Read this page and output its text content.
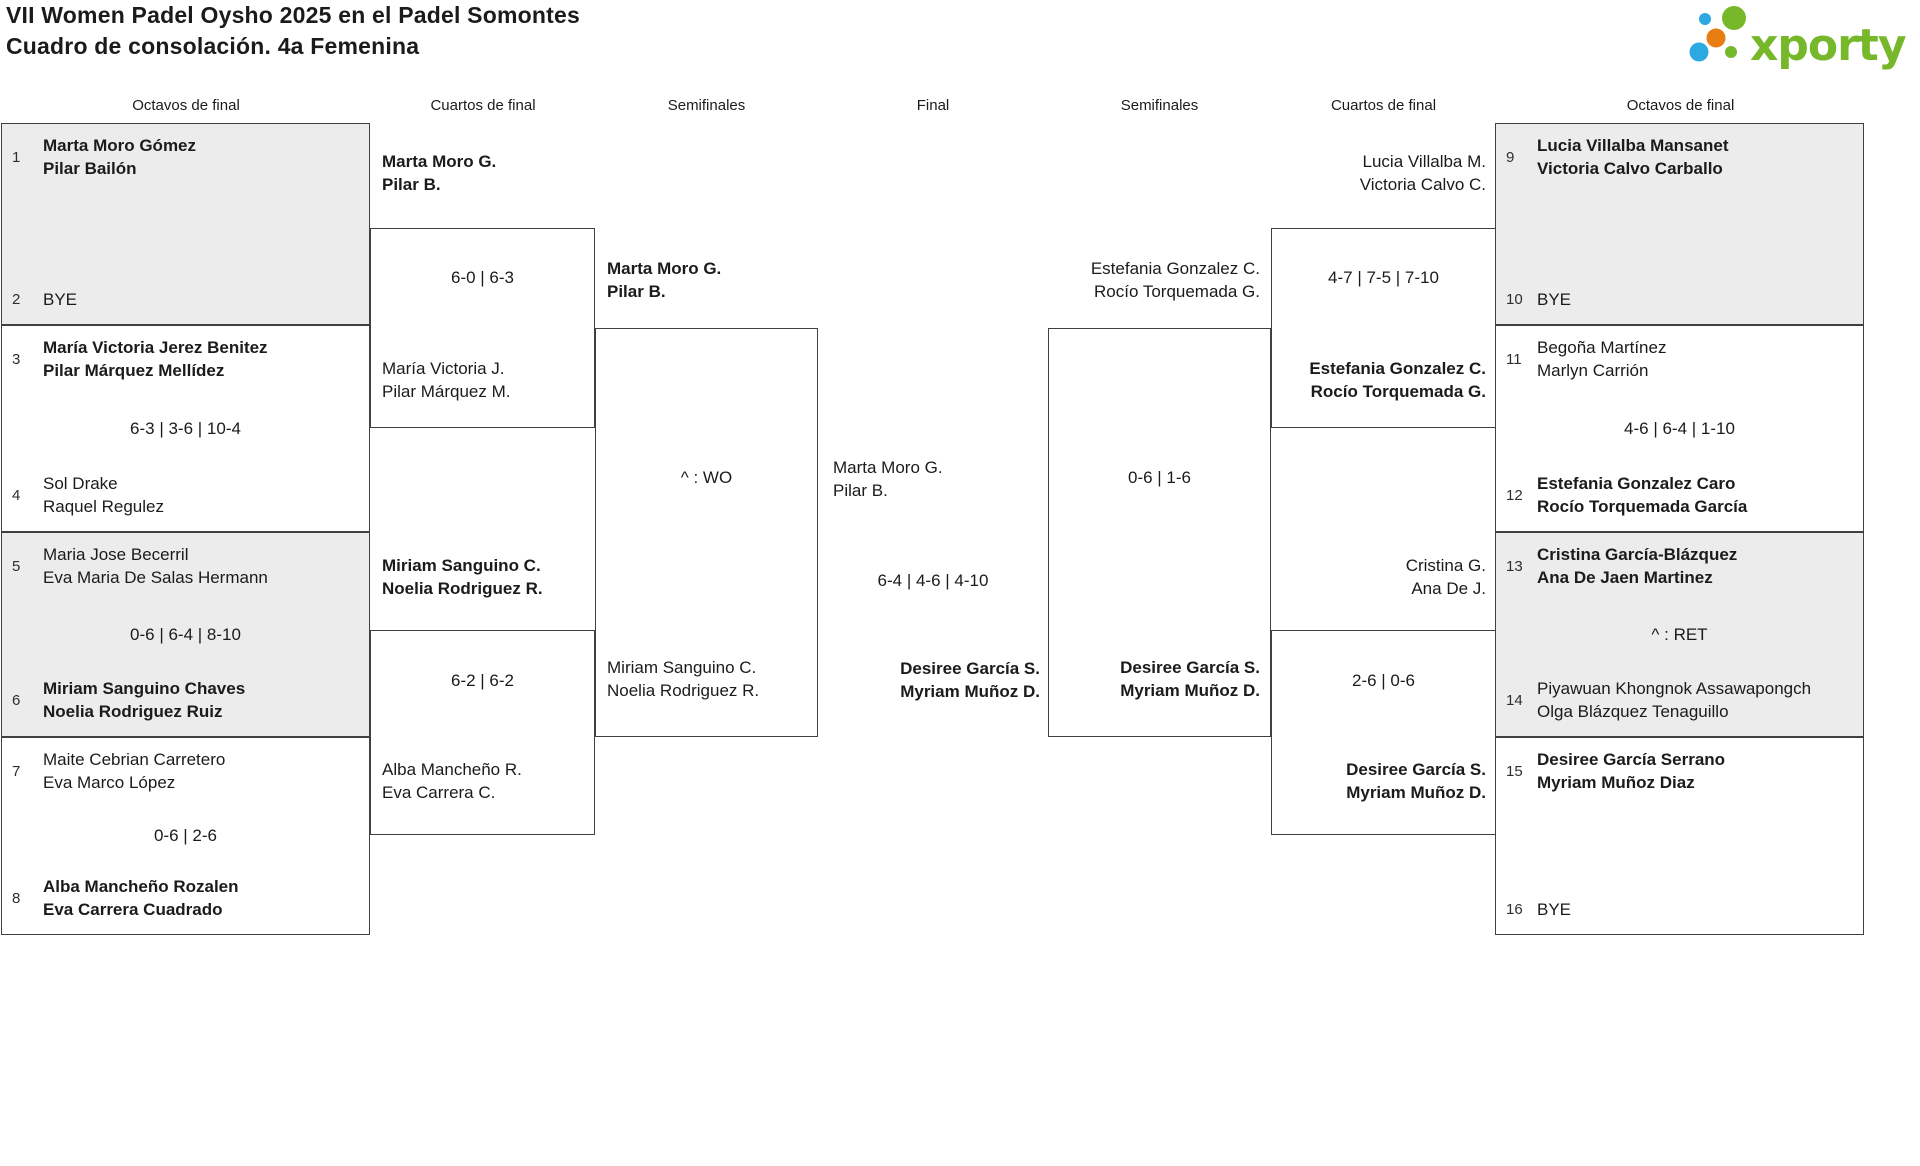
VII Women Padel Oysho 2025 en el Padel Somontes
Cuadro de consolación. 4a Femenina	xporty
Octavos de final	Cuartos de final	Semifinales	Final	Semifinales	Cuartos de final	Octavos de final
1
Marta Moro Gómez
Pilar Bailón
2	BYE
3
María Victoria Jerez Benitez
Pilar Márquez Mellídez
6-3 | 3-6 | 10-4
4
Sol Drake
Raquel Regulez
5
Maria Jose Becerril
Eva Maria De Salas Hermann
0-6 | 6-4 | 8-10
6
Miriam Sanguino Chaves
Noelia Rodriguez Ruiz
7
Maite Cebrian Carretero
Eva Marco López
0-6 | 2-6
8
Alba Mancheño Rozalen
Eva Carrera Cuadrado
9
Lucia Villalba Mansanet
Victoria Calvo Carballo
10 BYE
11
Begoña Martínez
Marlyn Carrión
4-6 | 6-4 | 1-10
12
Estefania Gonzalez Caro
Rocío Torquemada García
13
Cristina García-Blázquez
Ana De Jaen Martinez
^ : RET
14
Piyawuan Khongnok Assawapongch
Olga Blázquez Tenaguillo
15
Desiree García Serrano
Myriam Muñoz Diaz
16 BYE
Marta Moro G.
Pilar B.
6-0 | 6-3
María Victoria J.
Pilar Márquez M.
Miriam Sanguino C.
Noelia Rodriguez R.
6-2 | 6-2
Alba Mancheño R.
Eva Carrera C.
Marta Moro G.
Pilar B.
^ : WO
Miriam Sanguino C.
Noelia Rodriguez R.
Marta Moro G.
Pilar B.
6-4 | 4-6 | 4-10
Desiree García S.
Myriam Muñoz D.
Estefania Gonzalez C.
Rocío Torquemada G.
0-6 | 1-6
Desiree García S.
Myriam Muñoz D.
Lucia Villalba M.
Victoria Calvo C.
4-7 | 7-5 | 7-10
Estefania Gonzalez C.
Rocío Torquemada G.
Cristina G.
Ana De J.
2-6 | 0-6
Desiree García S.
Myriam Muñoz D.
